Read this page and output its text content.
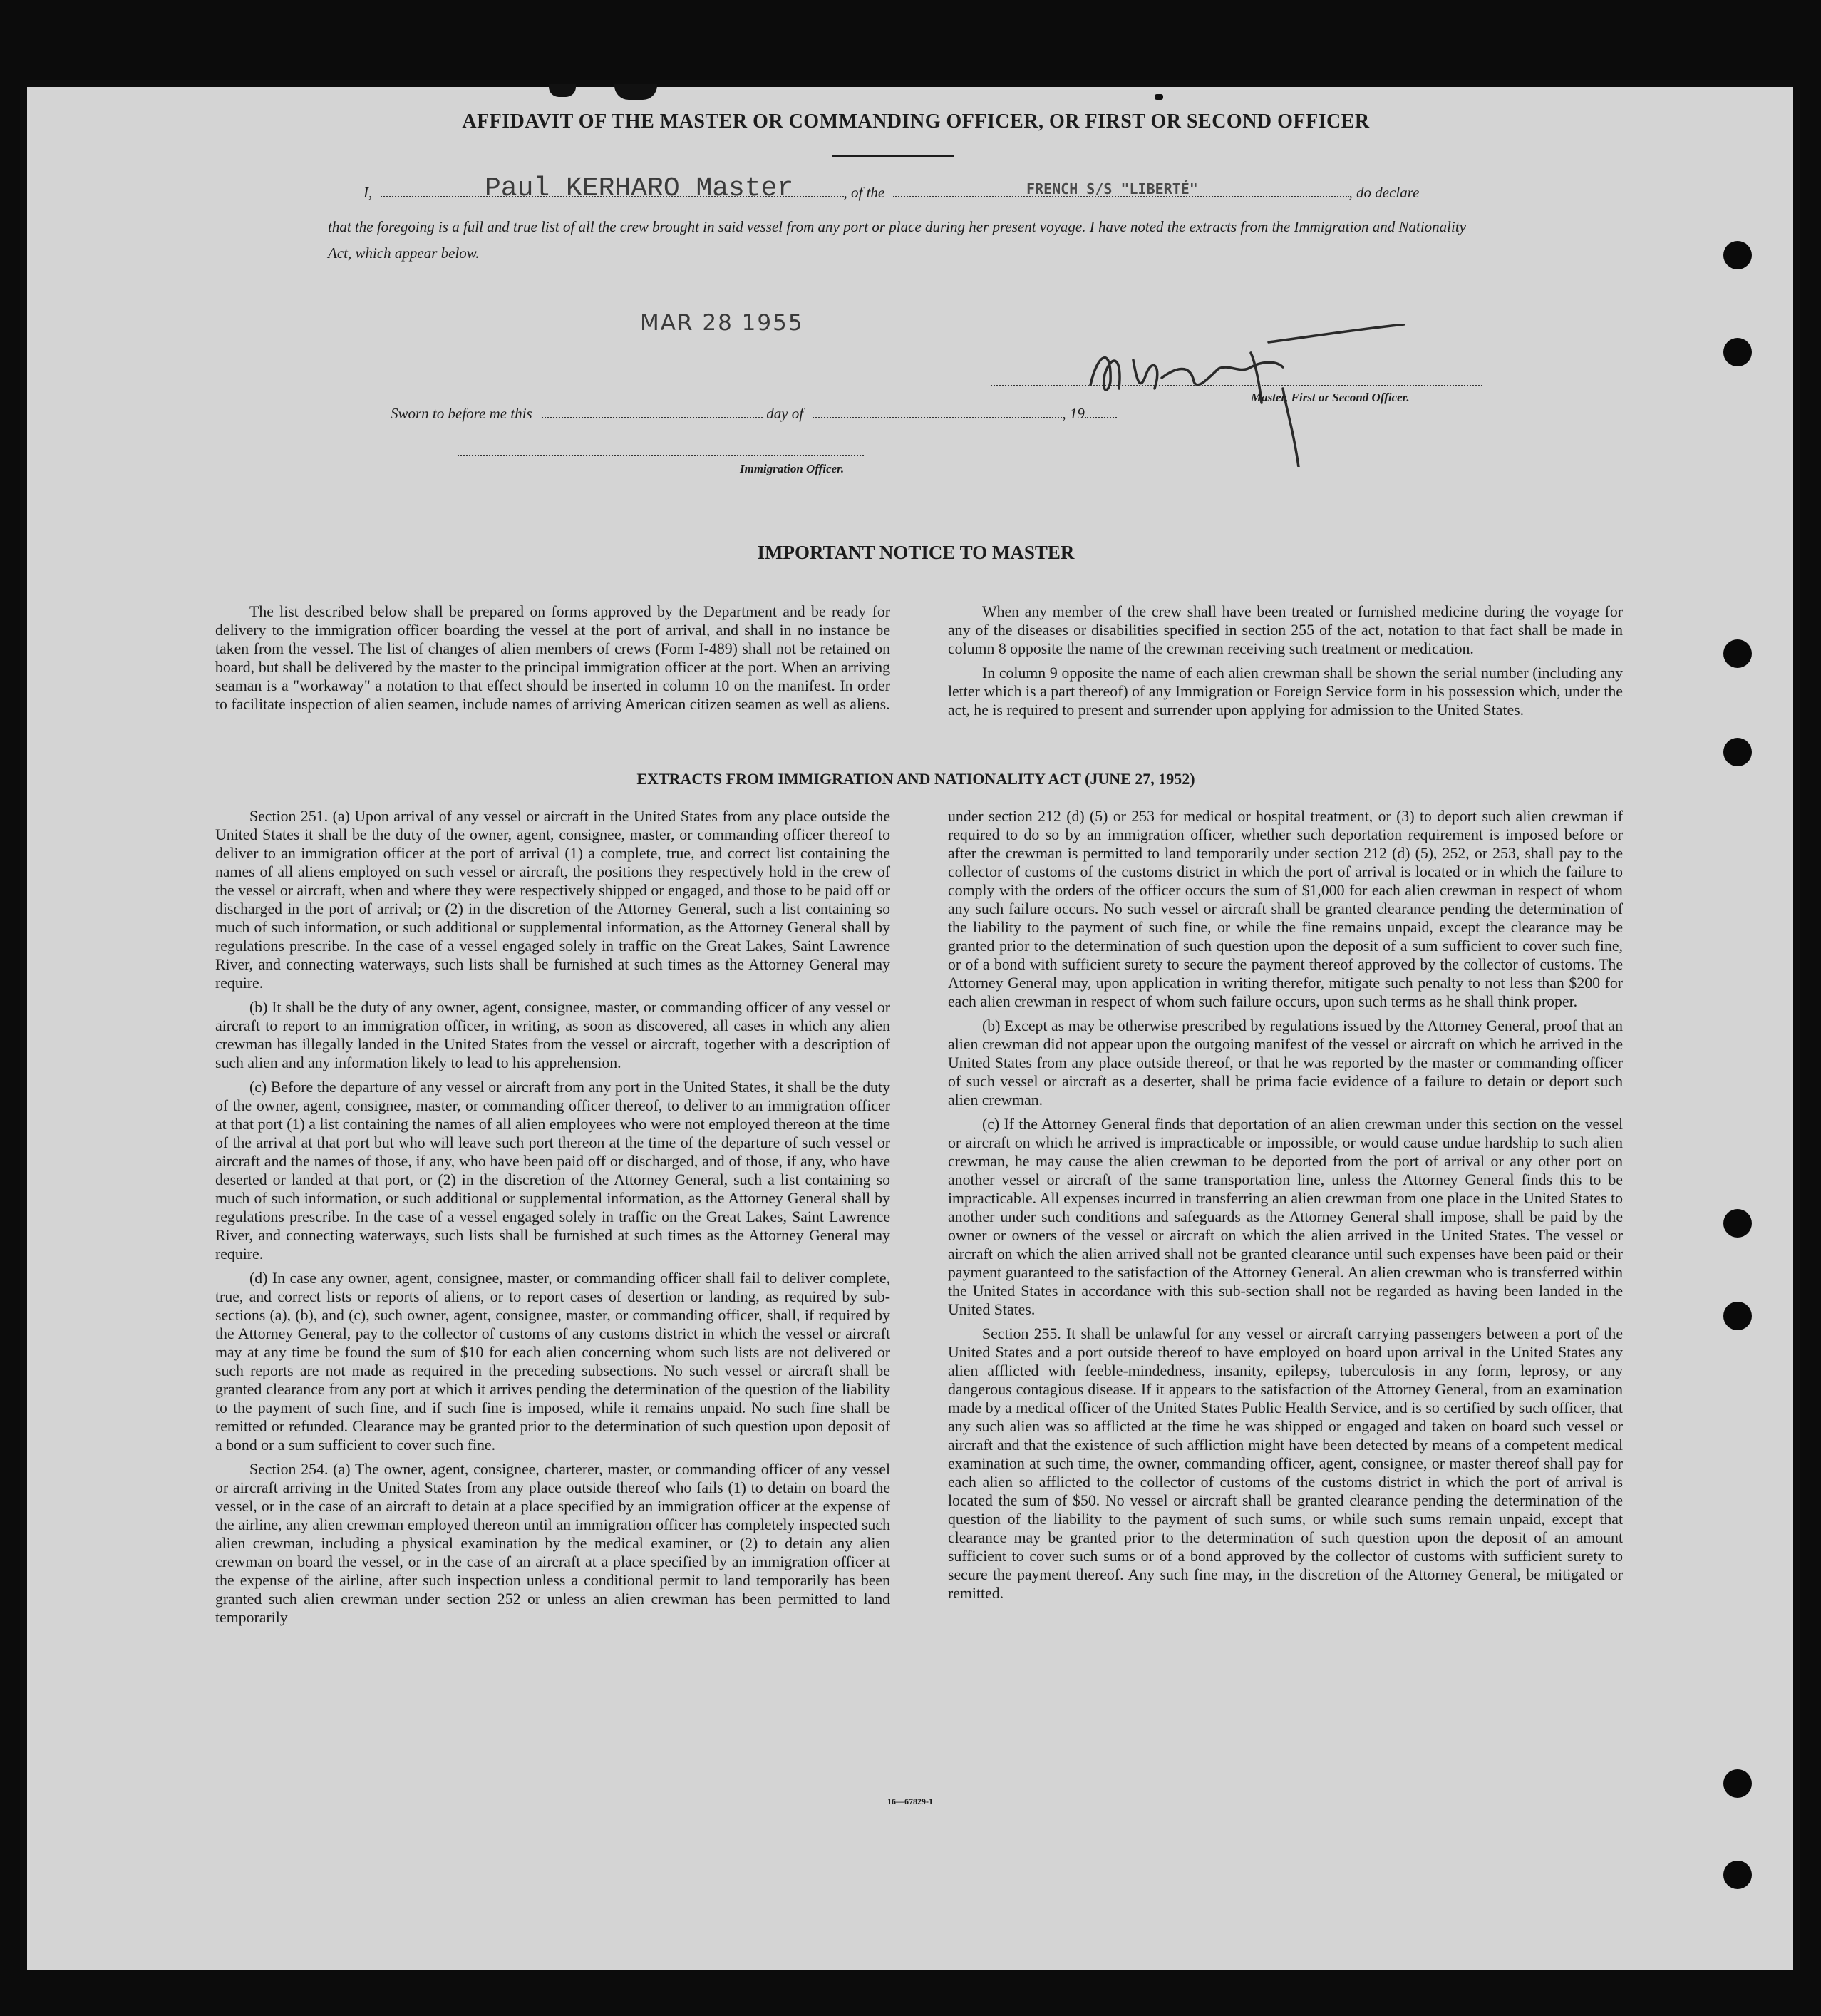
AFFIDAVIT OF THE MASTER OR COMMANDING OFFICER, OR FIRST OR SECOND OFFICER
I,	, of the	, do declare
Paul KERHARO Master	FRENCH S/S "LIBERTÉ"
that the foregoing is a full and true list of all the crew brought in said vessel from any port or place during her present voyage. I have noted the extracts from the Immigration and Nationality Act, which appear below.
Master, First or Second Officer.
Sworn to before me this	day of	, 19
MAR 28 1955
Immigration Officer.
IMPORTANT NOTICE TO MASTER

The list described below shall be prepared on forms approved by the Department and be ready for delivery to the immigration officer boarding the vessel at the port of arrival, and shall in no instance be taken from the vessel. The list of changes of alien members of crews (Form I-489) shall not be retained on board, but shall be delivered by the master to the principal immigration officer at the port. When an arriving seaman is a "workaway" a notation to that effect should be inserted in column 10 on the manifest. In order to facilitate inspection of alien seamen, include names of arriving American citizen seamen as well as aliens.

When any member of the crew shall have been treated or furnished medicine during the voyage for any of the diseases or disabilities specified in section 255 of the act, notation to that fact shall be made in column 8 opposite the name of the crewman receiving such treatment or medication.

In column 9 opposite the name of each alien crewman shall be shown the serial number (including any letter which is a part thereof) of any Immigration or Foreign Service form in his possession which, under the act, he is required to present and surrender upon applying for admission to the United States.

EXTRACTS FROM IMMIGRATION AND NATIONALITY ACT (JUNE 27, 1952)

Section 251. (a) Upon arrival of any vessel or aircraft in the United States from any place outside the United States it shall be the duty of the owner, agent, consignee, master, or commanding officer thereof to deliver to an immigration officer at the port of arrival (1) a complete, true, and correct list containing the names of all aliens employed on such vessel or aircraft, the positions they respectively hold in the crew of the vessel or aircraft, when and where they were respectively shipped or engaged, and those to be paid off or discharged in the port of arrival; or (2) in the discretion of the Attorney General, such a list containing so much of such information, or such additional or supplemental information, as the Attorney General shall by regulations prescribe. In the case of a vessel engaged solely in traffic on the Great Lakes, Saint Lawrence River, and connecting waterways, such lists shall be furnished at such times as the Attorney General may require.

(b) It shall be the duty of any owner, agent, consignee, master, or commanding officer of any vessel or aircraft to report to an immigration officer, in writing, as soon as discovered, all cases in which any alien crewman has illegally landed in the United States from the vessel or aircraft, together with a description of such alien and any information likely to lead to his apprehension.

(c) Before the departure of any vessel or aircraft from any port in the United States, it shall be the duty of the owner, agent, consignee, master, or commanding officer thereof, to deliver to an immigration officer at that port (1) a list containing the names of all alien employees who were not employed thereon at the time of the arrival at that port but who will leave such port thereon at the time of the departure of such vessel or aircraft and the names of those, if any, who have been paid off or discharged, and of those, if any, who have deserted or landed at that port, or (2) in the discretion of the Attorney General, such a list containing so much of such information, or such additional or supplemental information, as the Attorney General shall by regulations prescribe. In the case of a vessel engaged solely in traffic on the Great Lakes, Saint Lawrence River, and connecting waterways, such lists shall be furnished at such times as the Attorney General may require.

(d) In case any owner, agent, consignee, master, or commanding officer shall fail to deliver complete, true, and correct lists or reports of aliens, or to report cases of desertion or landing, as required by sub-sections (a), (b), and (c), such owner, agent, consignee, master, or commanding officer, shall, if required by the Attorney General, pay to the collector of customs of any customs district in which the vessel or aircraft may at any time be found the sum of $10 for each alien concerning whom such lists are not delivered or such reports are not made as required in the preceding subsections. No such vessel or aircraft shall be granted clearance from any port at which it arrives pending the determination of the question of the liability to the payment of such fine, and if such fine is imposed, while it remains unpaid. No such fine shall be remitted or refunded. Clearance may be granted prior to the determination of such question upon deposit of a bond or a sum sufficient to cover such fine.

Section 254. (a) The owner, agent, consignee, charterer, master, or commanding officer of any vessel or aircraft arriving in the United States from any place outside thereof who fails (1) to detain on board the vessel, or in the case of an aircraft to detain at a place specified by an immigration officer at the expense of the airline, any alien crewman employed thereon until an immigration officer has completely inspected such alien crewman, including a physical examination by the medical examiner, or (2) to detain any alien crewman on board the vessel, or in the case of an aircraft at a place specified by an immigration officer at the expense of the airline, after such inspection unless a conditional permit to land temporarily has been granted such alien crewman under section 252 or unless an alien crewman has been permitted to land temporarily

under section 212 (d) (5) or 253 for medical or hospital treatment, or (3) to deport such alien crewman if required to do so by an immigration officer, whether such deportation requirement is imposed before or after the crewman is permitted to land temporarily under section 212 (d) (5), 252, or 253, shall pay to the collector of customs of the customs district in which the port of arrival is located or in which the failure to comply with the orders of the officer occurs the sum of $1,000 for each alien crewman in respect of whom any such failure occurs. No such vessel or aircraft shall be granted clearance pending the determination of the liability to the payment of such fine, or while the fine remains unpaid, except the clearance may be granted prior to the determination of such question upon the deposit of a sum sufficient to cover such fine, or of a bond with sufficient surety to secure the payment thereof approved by the collector of customs. The Attorney General may, upon application in writing therefor, mitigate such penalty to not less than $200 for each alien crewman in respect of whom such failure occurs, upon such terms as he shall think proper.

(b) Except as may be otherwise prescribed by regulations issued by the Attorney General, proof that an alien crewman did not appear upon the outgoing manifest of the vessel or aircraft on which he arrived in the United States from any place outside thereof, or that he was reported by the master or commanding officer of such vessel or aircraft as a deserter, shall be prima facie evidence of a failure to detain or deport such alien crewman.

(c) If the Attorney General finds that deportation of an alien crewman under this section on the vessel or aircraft on which he arrived is impracticable or impossible, or would cause undue hardship to such alien crewman, he may cause the alien crewman to be deported from the port of arrival or any other port on another vessel or aircraft of the same transportation line, unless the Attorney General finds this to be impracticable. All expenses incurred in transferring an alien crewman from one place in the United States to another under such conditions and safeguards as the Attorney General shall impose, shall be paid by the owner or owners of the vessel or aircraft on which the alien arrived in the United States. The vessel or aircraft on which the alien arrived shall not be granted clearance until such expenses have been paid or their payment guaranteed to the satisfaction of the Attorney General. An alien crewman who is transferred within the United States in accordance with this sub-section shall not be regarded as having been landed in the United States.

Section 255. It shall be unlawful for any vessel or aircraft carrying passengers between a port of the United States and a port outside thereof to have employed on board upon arrival in the United States any alien afflicted with feeble-mindedness, insanity, epilepsy, tuberculosis in any form, leprosy, or any dangerous contagious disease. If it appears to the satisfaction of the Attorney General, from an examination made by a medical officer of the United States Public Health Service, and is so certified by such officer, that any such alien was so afflicted at the time he was shipped or engaged and taken on board such vessel or aircraft and that the existence of such affliction might have been detected by means of a competent medical examination at such time, the owner, commanding officer, agent, consignee, or master thereof shall pay for each alien so afflicted to the collector of customs of the customs district in which the port of arrival is located the sum of $50. No vessel or aircraft shall be granted clearance pending the determination of the question of the liability to the payment of such sums, or while such sums remain unpaid, except that clearance may be granted prior to the determination of such question upon the deposit of an amount sufficient to cover such sums or of a bond approved by the collector of customs with sufficient surety to secure the payment thereof. Any such fine may, in the discretion of the Attorney General, be mitigated or remitted.

16—67829-1
